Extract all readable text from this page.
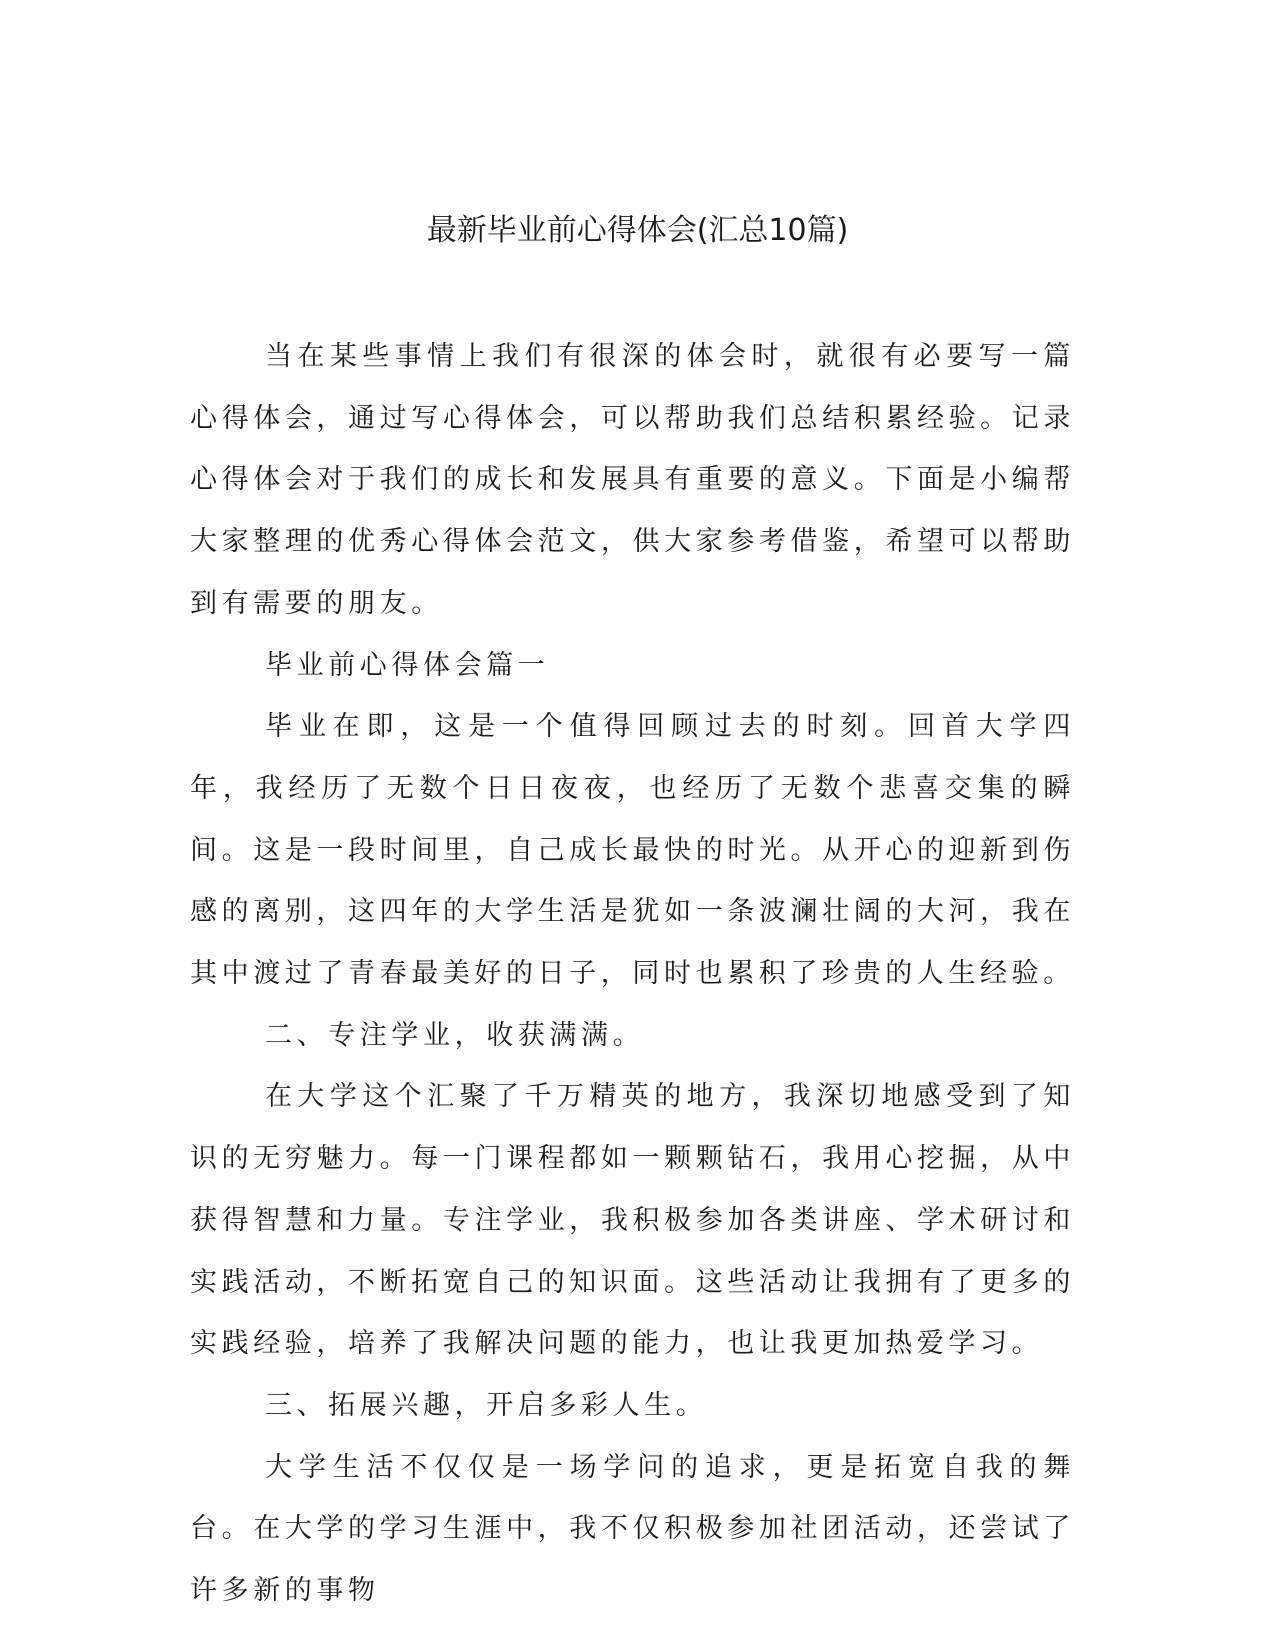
最新毕业前心得体会(汇总10篇)

当在某些事情上我们有很深的体会时，就很有必要写一篇心得体会，通过写心得体会，可以帮助我们总结积累经验。记录心得体会对于我们的成长和发展具有重要的意义。下面是小编帮大家整理的优秀心得体会范文，供大家参考借鉴，希望可以帮助到有需要的朋友。

毕业前心得体会篇一

毕业在即，这是一个值得回顾过去的时刻。回首大学四年，我经历了无数个日日夜夜，也经历了无数个悲喜交集的瞬间。这是一段时间里，自己成长最快的时光。从开心的迎新到伤感的离别，这四年的大学生活是犹如一条波澜壮阔的大河，我在其中渡过了青春最美好的日子，同时也累积了珍贵的人生经验。

二、专注学业，收获满满。

在大学这个汇聚了千万精英的地方，我深切地感受到了知识的无穷魅力。每一门课程都如一颗颗钻石，我用心挖掘，从中获得智慧和力量。专注学业，我积极参加各类讲座、学术研讨和实践活动，不断拓宽自己的知识面。这些活动让我拥有了更多的实践经验，培养了我解决问题的能力，也让我更加热爱学习。

三、拓展兴趣，开启多彩人生。

大学生活不仅仅是一场学问的追求，更是拓宽自我的舞台。在大学的学习生涯中，我不仅积极参加社团活动，还尝试了许多新的事物
